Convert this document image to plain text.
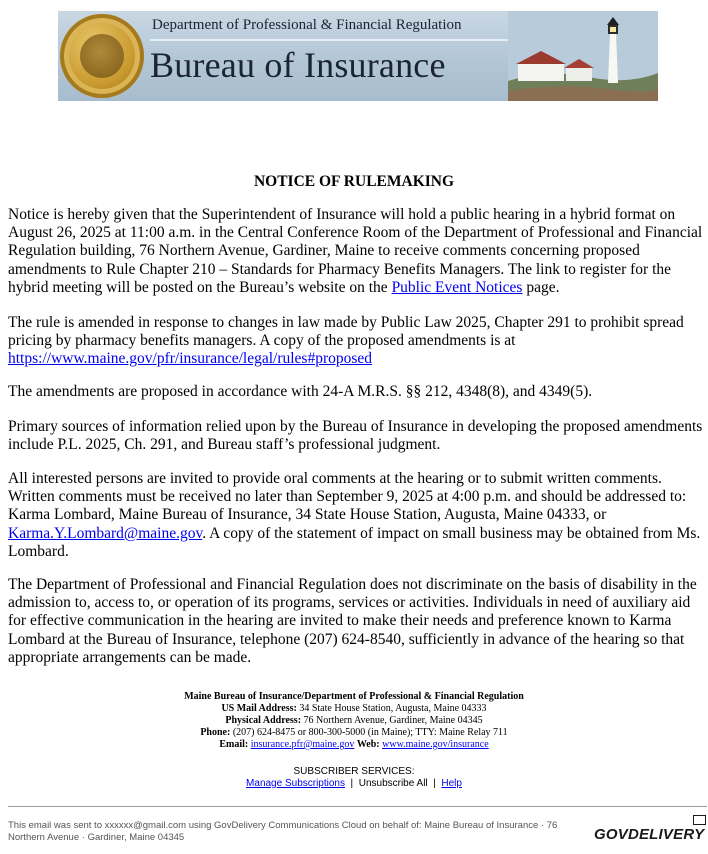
Department of Professional & Financial Regulation
Bureau of Insurance
NOTICE OF RULEMAKING

Notice is hereby given that the Superintendent of Insurance will hold a public hearing in a hybrid format on August 26, 2025 at 11:00 a.m. in the Central Conference Room of the Department of Professional and Financial Regulation building, 76 Northern Avenue, Gardiner, Maine to receive comments concerning proposed amendments to Rule Chapter 210 – Standards for Pharmacy Benefits Managers. The link to register for the hybrid meeting will be posted on the Bureau’s website on the Public Event Notices page.

The rule is amended in response to changes in law made by Public Law 2025, Chapter 291 to prohibit spread pricing by pharmacy benefits managers. A copy of the proposed amendments is at https://www.maine.gov/pfr/insurance/legal/rules#proposed

The amendments are proposed in accordance with 24-A M.R.S. §§ 212, 4348(8), and 4349(5).

Primary sources of information relied upon by the Bureau of Insurance in developing the proposed amendments include P.L. 2025, Ch. 291, and Bureau staff’s professional judgment.

All interested persons are invited to provide oral comments at the hearing or to submit written comments. Written comments must be received no later than September 9, 2025 at 4:00 p.m. and should be addressed to: Karma Lombard, Maine Bureau of Insurance, 34 State House Station, Augusta, Maine 04333, or Karma.Y.Lombard@maine.gov. A copy of the statement of impact on small business may be obtained from Ms. Lombard.

The Department of Professional and Financial Regulation does not discriminate on the basis of disability in the admission to, access to, or operation of its programs, services or activities. Individuals in need of auxiliary aid for effective communication in the hearing are invited to make their needs and preference known to Karma Lombard at the Bureau of Insurance, telephone (207) 624-8540, sufficiently in advance of the hearing so that appropriate arrangements can be made.

Maine Bureau of Insurance/Department of Professional & Financial Regulation
US Mail Address: 34 State House Station, Augusta, Maine 04333
Physical Address: 76 Northern Avenue, Gardiner, Maine 04345
Phone: (207) 624-8475 or 800-300-5000 (in Maine); TTY: Maine Relay 711
Email: insurance.pfr@maine.gov Web: www.maine.gov/insurance
SUBSCRIBER SERVICES:
Manage Subscriptions  |  Unsubscribe All  |  Help
This email was sent to xxxxxx@gmail.com using GovDelivery Communications Cloud on behalf of: Maine Bureau of Insurance · 76 Northern Avenue · Gardiner, Maine 04345	GOVDELIVERY
